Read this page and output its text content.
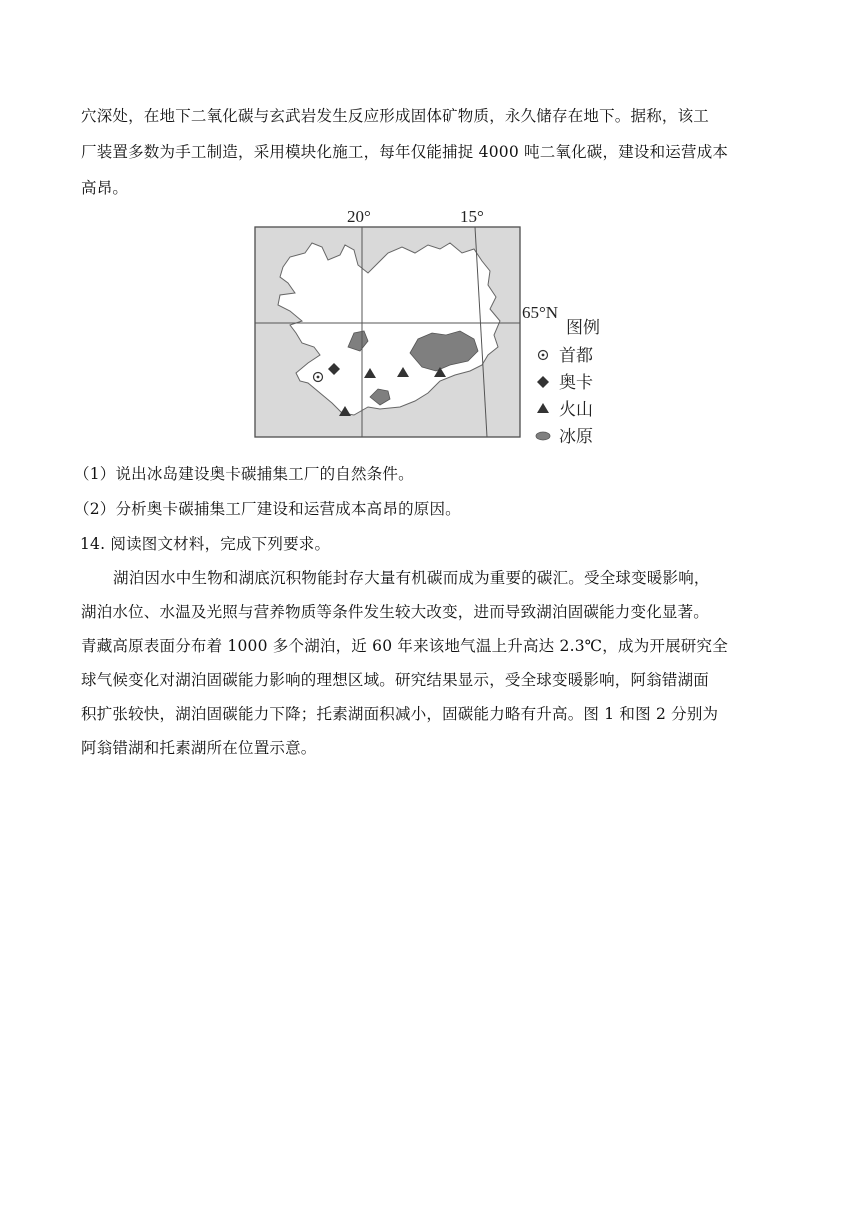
穴深处，在地下二氧化碳与玄武岩发生反应形成固体矿物质，永久储存在地下。据称，该工
厂装置多数为手工制造，采用模块化施工，每年仅能捕捉 4000 吨二氧化碳，建设和运营成本
高昂。
20°	15°
65°N
图例
首都
奥卡
火山
冰原
（1）说出冰岛建设奥卡碳捕集工厂的自然条件。
（2）分析奥卡碳捕集工厂建设和运营成本高昂的原因。
14. 阅读图文材料，完成下列要求。
湖泊因水中生物和湖底沉积物能封存大量有机碳而成为重要的碳汇。受全球变暖影响，
湖泊水位、水温及光照与营养物质等条件发生较大改变，进而导致湖泊固碳能力变化显著。
青藏高原表面分布着 1000 多个湖泊，近 60 年来该地气温上升高达 2.3℃，成为开展研究全
球气候变化对湖泊固碳能力影响的理想区域。研究结果显示，受全球变暖影响，阿翁错湖面
积扩张较快，湖泊固碳能力下降；托素湖面积减小，固碳能力略有升高。图 1 和图 2 分别为
阿翁错湖和托素湖所在位置示意。
